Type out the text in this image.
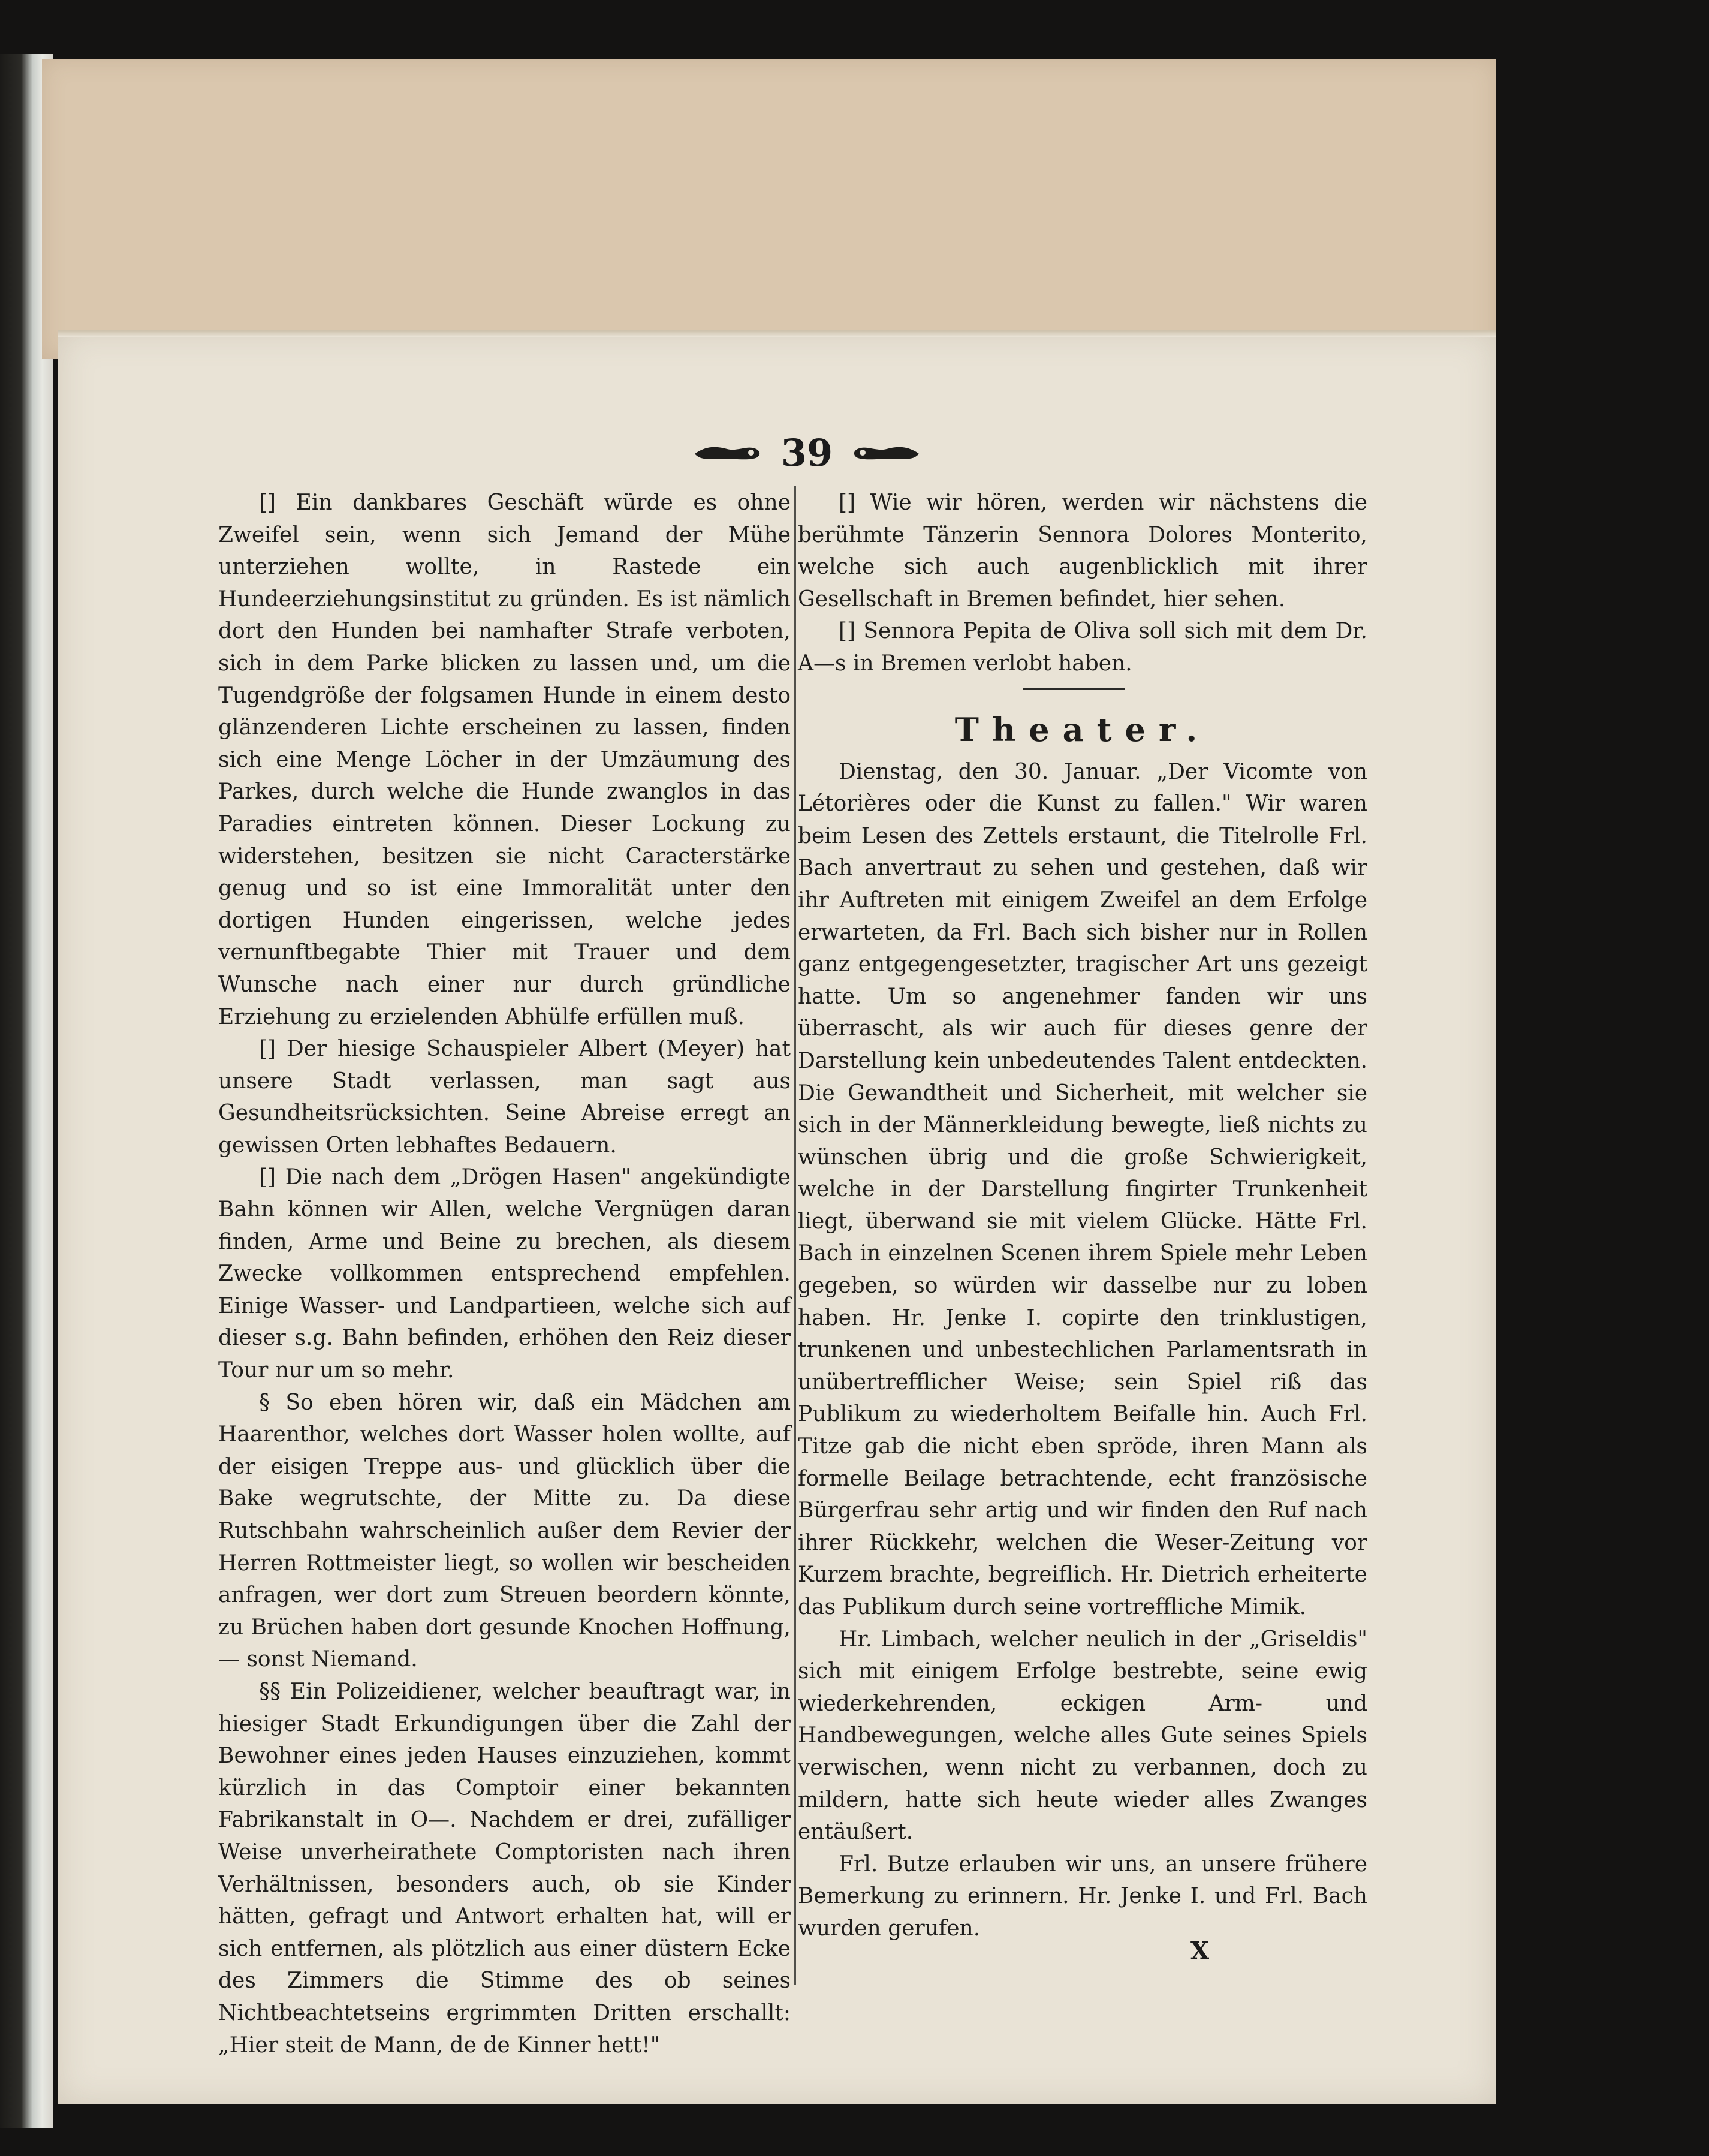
39

[] Ein dankbares Geschäft würde es ohne Zweifel sein, wenn sich Jemand der Mühe unterziehen wollte, in Rastede ein Hundeerziehungsinstitut zu gründen. Es ist nämlich dort den Hunden bei namhafter Strafe verboten, sich in dem Parke blicken zu lassen und, um die Tugendgröße der folgsamen Hunde in einem desto glänzenderen Lichte erscheinen zu lassen, finden sich eine Menge Löcher in der Umzäumung des Parkes, durch welche die Hunde zwanglos in das Paradies eintreten können. Dieser Lockung zu widerstehen, besitzen sie nicht Caracterstärke genug und so ist eine Immoralität unter den dortigen Hunden eingerissen, welche jedes vernunftbegabte Thier mit Trauer und dem Wunsche nach einer nur durch gründliche Erziehung zu erzielenden Abhülfe erfüllen muß.

[] Der hiesige Schauspieler Albert (Meyer) hat unsere Stadt verlassen, man sagt aus Gesundheitsrücksichten. Seine Abreise erregt an gewissen Orten lebhaftes Bedauern.

[] Die nach dem „Drögen Hasen" angekündigte Bahn können wir Allen, welche Vergnügen daran finden, Arme und Beine zu brechen, als diesem Zwecke vollkommen entsprechend empfehlen. Einige Wasser- und Landpartieen, welche sich auf dieser s.g. Bahn befinden, erhöhen den Reiz dieser Tour nur um so mehr.

§ So eben hören wir, daß ein Mädchen am Haarenthor, welches dort Wasser holen wollte, auf der eisigen Treppe aus- und glücklich über die Bake wegrutschte, der Mitte zu. Da diese Rutschbahn wahrscheinlich außer dem Revier der Herren Rottmeister liegt, so wollen wir bescheiden anfragen, wer dort zum Streuen beordern könnte, zu Brüchen haben dort gesunde Knochen Hoffnung, — sonst Niemand.

§§ Ein Polizeidiener, welcher beauftragt war, in hiesiger Stadt Erkundigungen über die Zahl der Bewohner eines jeden Hauses einzuziehen, kommt kürzlich in das Comptoir einer bekannten Fabrikanstalt in O—. Nachdem er drei, zufälliger Weise unverheirathete Comptoristen nach ihren Verhältnissen, besonders auch, ob sie Kinder hätten, gefragt und Antwort erhalten hat, will er sich entfernen, als plötzlich aus einer düstern Ecke des Zimmers die Stimme des ob seines Nichtbeachtetseins ergrimmten Dritten erschallt: „Hier steit de Mann, de de Kinner hett!"

[] Wie wir hören, werden wir nächstens die berühmte Tänzerin Sennora Dolores Monterito, welche sich auch augenblicklich mit ihrer Gesellschaft in Bremen befindet, hier sehen.

[] Sennora Pepita de Oliva soll sich mit dem Dr. A—s in Bremen verlobt haben.

Theater.

Dienstag, den 30. Januar. „Der Vicomte von Létorières oder die Kunst zu fallen." Wir waren beim Lesen des Zettels erstaunt, die Titelrolle Frl. Bach anvertraut zu sehen und gestehen, daß wir ihr Auftreten mit einigem Zweifel an dem Erfolge erwarteten, da Frl. Bach sich bisher nur in Rollen ganz entgegengesetzter, tragischer Art uns gezeigt hatte. Um so angenehmer fanden wir uns überrascht, als wir auch für dieses genre der Darstellung kein unbedeutendes Talent entdeckten. Die Gewandtheit und Sicherheit, mit welcher sie sich in der Männerkleidung bewegte, ließ nichts zu wünschen übrig und die große Schwierigkeit, welche in der Darstellung fingirter Trunkenheit liegt, überwand sie mit vielem Glücke. Hätte Frl. Bach in einzelnen Scenen ihrem Spiele mehr Leben gegeben, so würden wir dasselbe nur zu loben haben. Hr. Jenke I. copirte den trinklustigen, trunkenen und unbestechlichen Parlamentsrath in unübertrefflicher Weise; sein Spiel riß das Publikum zu wiederholtem Beifalle hin. Auch Frl. Titze gab die nicht eben spröde, ihren Mann als formelle Beilage betrachtende, echt französische Bürgerfrau sehr artig und wir finden den Ruf nach ihrer Rückkehr, welchen die Weser-Zeitung vor Kurzem brachte, begreiflich. Hr. Dietrich erheiterte das Publikum durch seine vortreffliche Mimik.

Hr. Limbach, welcher neulich in der „Griseldis" sich mit einigem Erfolge bestrebte, seine ewig wiederkehrenden, eckigen Arm- und Handbewegungen, welche alles Gute seines Spiels verwischen, wenn nicht zu verbannen, doch zu mildern, hatte sich heute wieder alles Zwanges entäußert.

Frl. Butze erlauben wir uns, an unsere frühere Bemerkung zu erinnern. Hr. Jenke I. und Frl. Bach wurden gerufen.

X
